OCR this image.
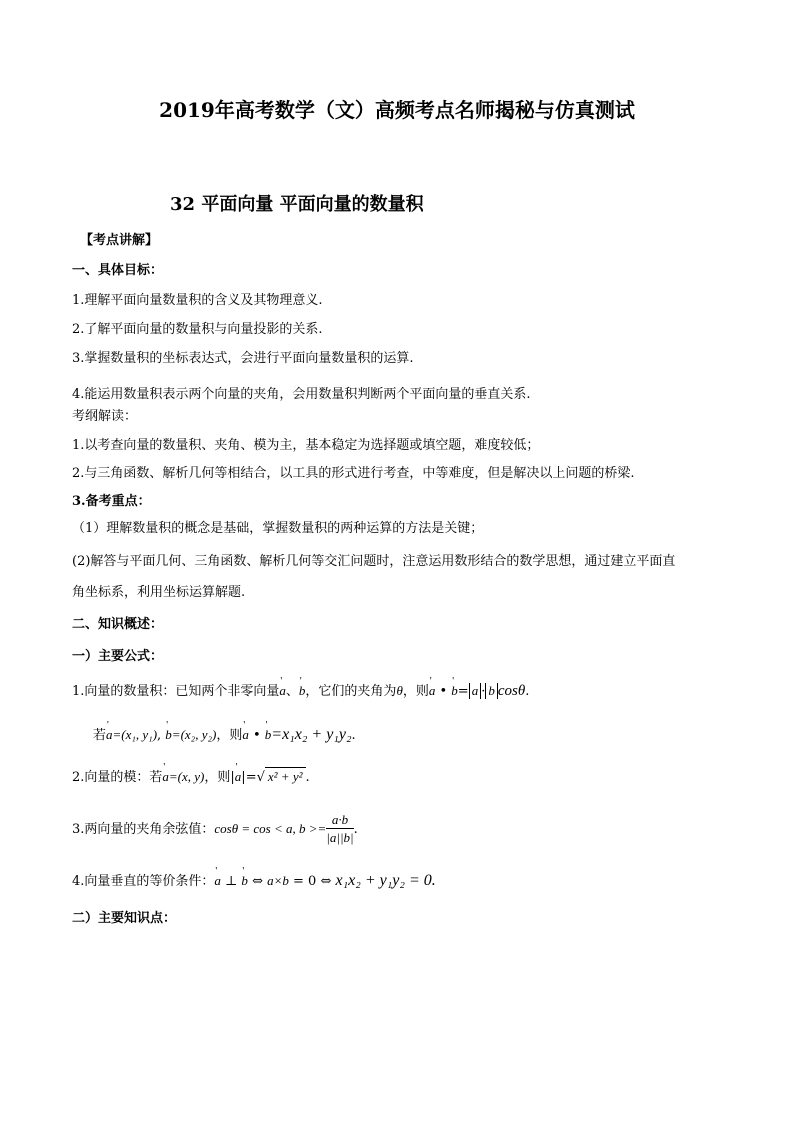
2019年高考数学（文）高频考点名师揭秘与仿真测试
32 平面向量 平面向量的数量积
【考点讲解】
一、具体目标：
1.理解平面向量数量积的含义及其物理意义.
2.了解平面向量的数量积与向量投影的关系.
3.掌握数量积的坐标表达式，会进行平面向量数量积的运算.
4.能运用数量积表示两个向量的夹角，会用数量积判断两个平面向量的垂直关系.
考纲解读：
1.以考查向量的数量积、夹角、模为主，基本稳定为选择题或填空题，难度较低；
2.与三角函数、解析几何等相结合，以工具的形式进行考查，中等难度，但是解决以上问题的桥梁.
3.备考重点：
（1）理解数量积的概念是基础，掌握数量积的两种运算的方法是关键；
(2)解答与平面几何、三角函数、解析几何等交汇问题时，注意运用数形结合的数学思想，通过建立平面直
角坐标系，利用坐标运算解题.
二、知识概述：
一）主要公式：
1.向量的数量积：已知两个非零向量' a、' b，它们的夹角为θ，则' a • ' b= a · b cosθ.
若' a=(x₁, y₁), ' b=(x₂, y₂)，则' a • ' b=x₁x₂ + y₁y₂.
2.向量的模：若' a=(x, y)，则|' a|=√ x² + y² .
3.两向量的夹角余弦值：cosθ = cos < a, $b >= \frac{a\cdot b}{|a||b|}$ .
4.向量垂直的等价条件：' a ⊥ ' b ⇔ a×b = 0 ⇔ x₁x₂ + y₁y₂ = 0.
二）主要知识点：
